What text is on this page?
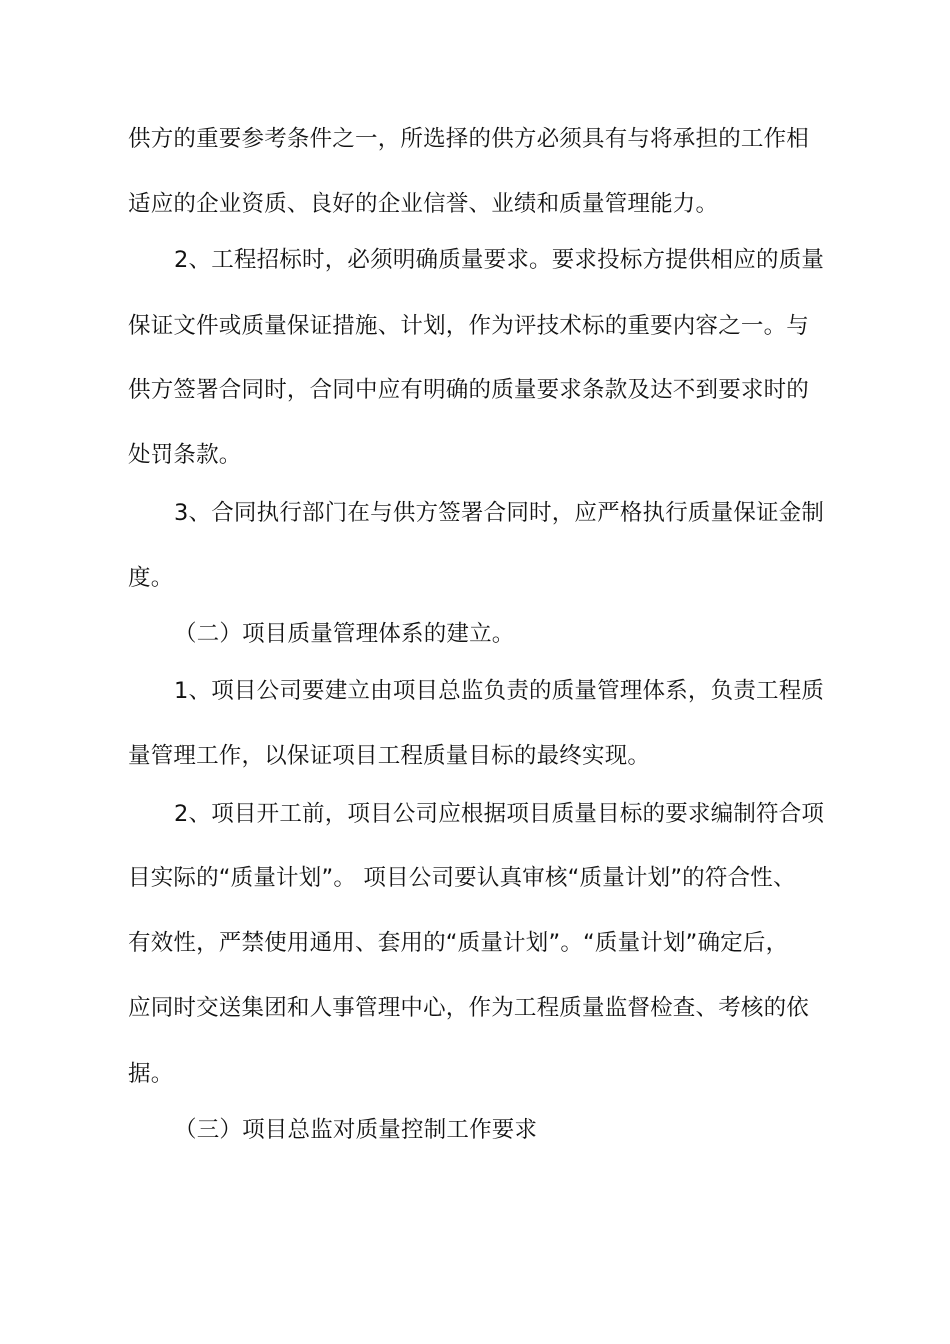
供方的重要参考条件之一，所选择的供方必须具有与将承担的工作相

适应的企业资质、良好的企业信誉、业绩和质量管理能力。

2、工程招标时，必须明确质量要求。要求投标方提供相应的质量

保证文件或质量保证措施、计划，作为评技术标的重要内容之一。与

供方签署合同时，合同中应有明确的质量要求条款及达不到要求时的

处罚条款。

3、合同执行部门在与供方签署合同时，应严格执行质量保证金制

度。

（二）项目质量管理体系的建立。

1、项目公司要建立由项目总监负责的质量管理体系，负责工程质

量管理工作，以保证项目工程质量目标的最终实现。

2、项目开工前，项目公司应根据项目质量目标的要求编制符合项

目实际的“质量计划”。 项目公司要认真审核“质量计划”的符合性、

有效性，严禁使用通用、套用的“质量计划”。“质量计划”确定后，

应同时交送集团和人事管理中心，作为工程质量监督检查、考核的依

据。

（三）项目总监对质量控制工作要求
